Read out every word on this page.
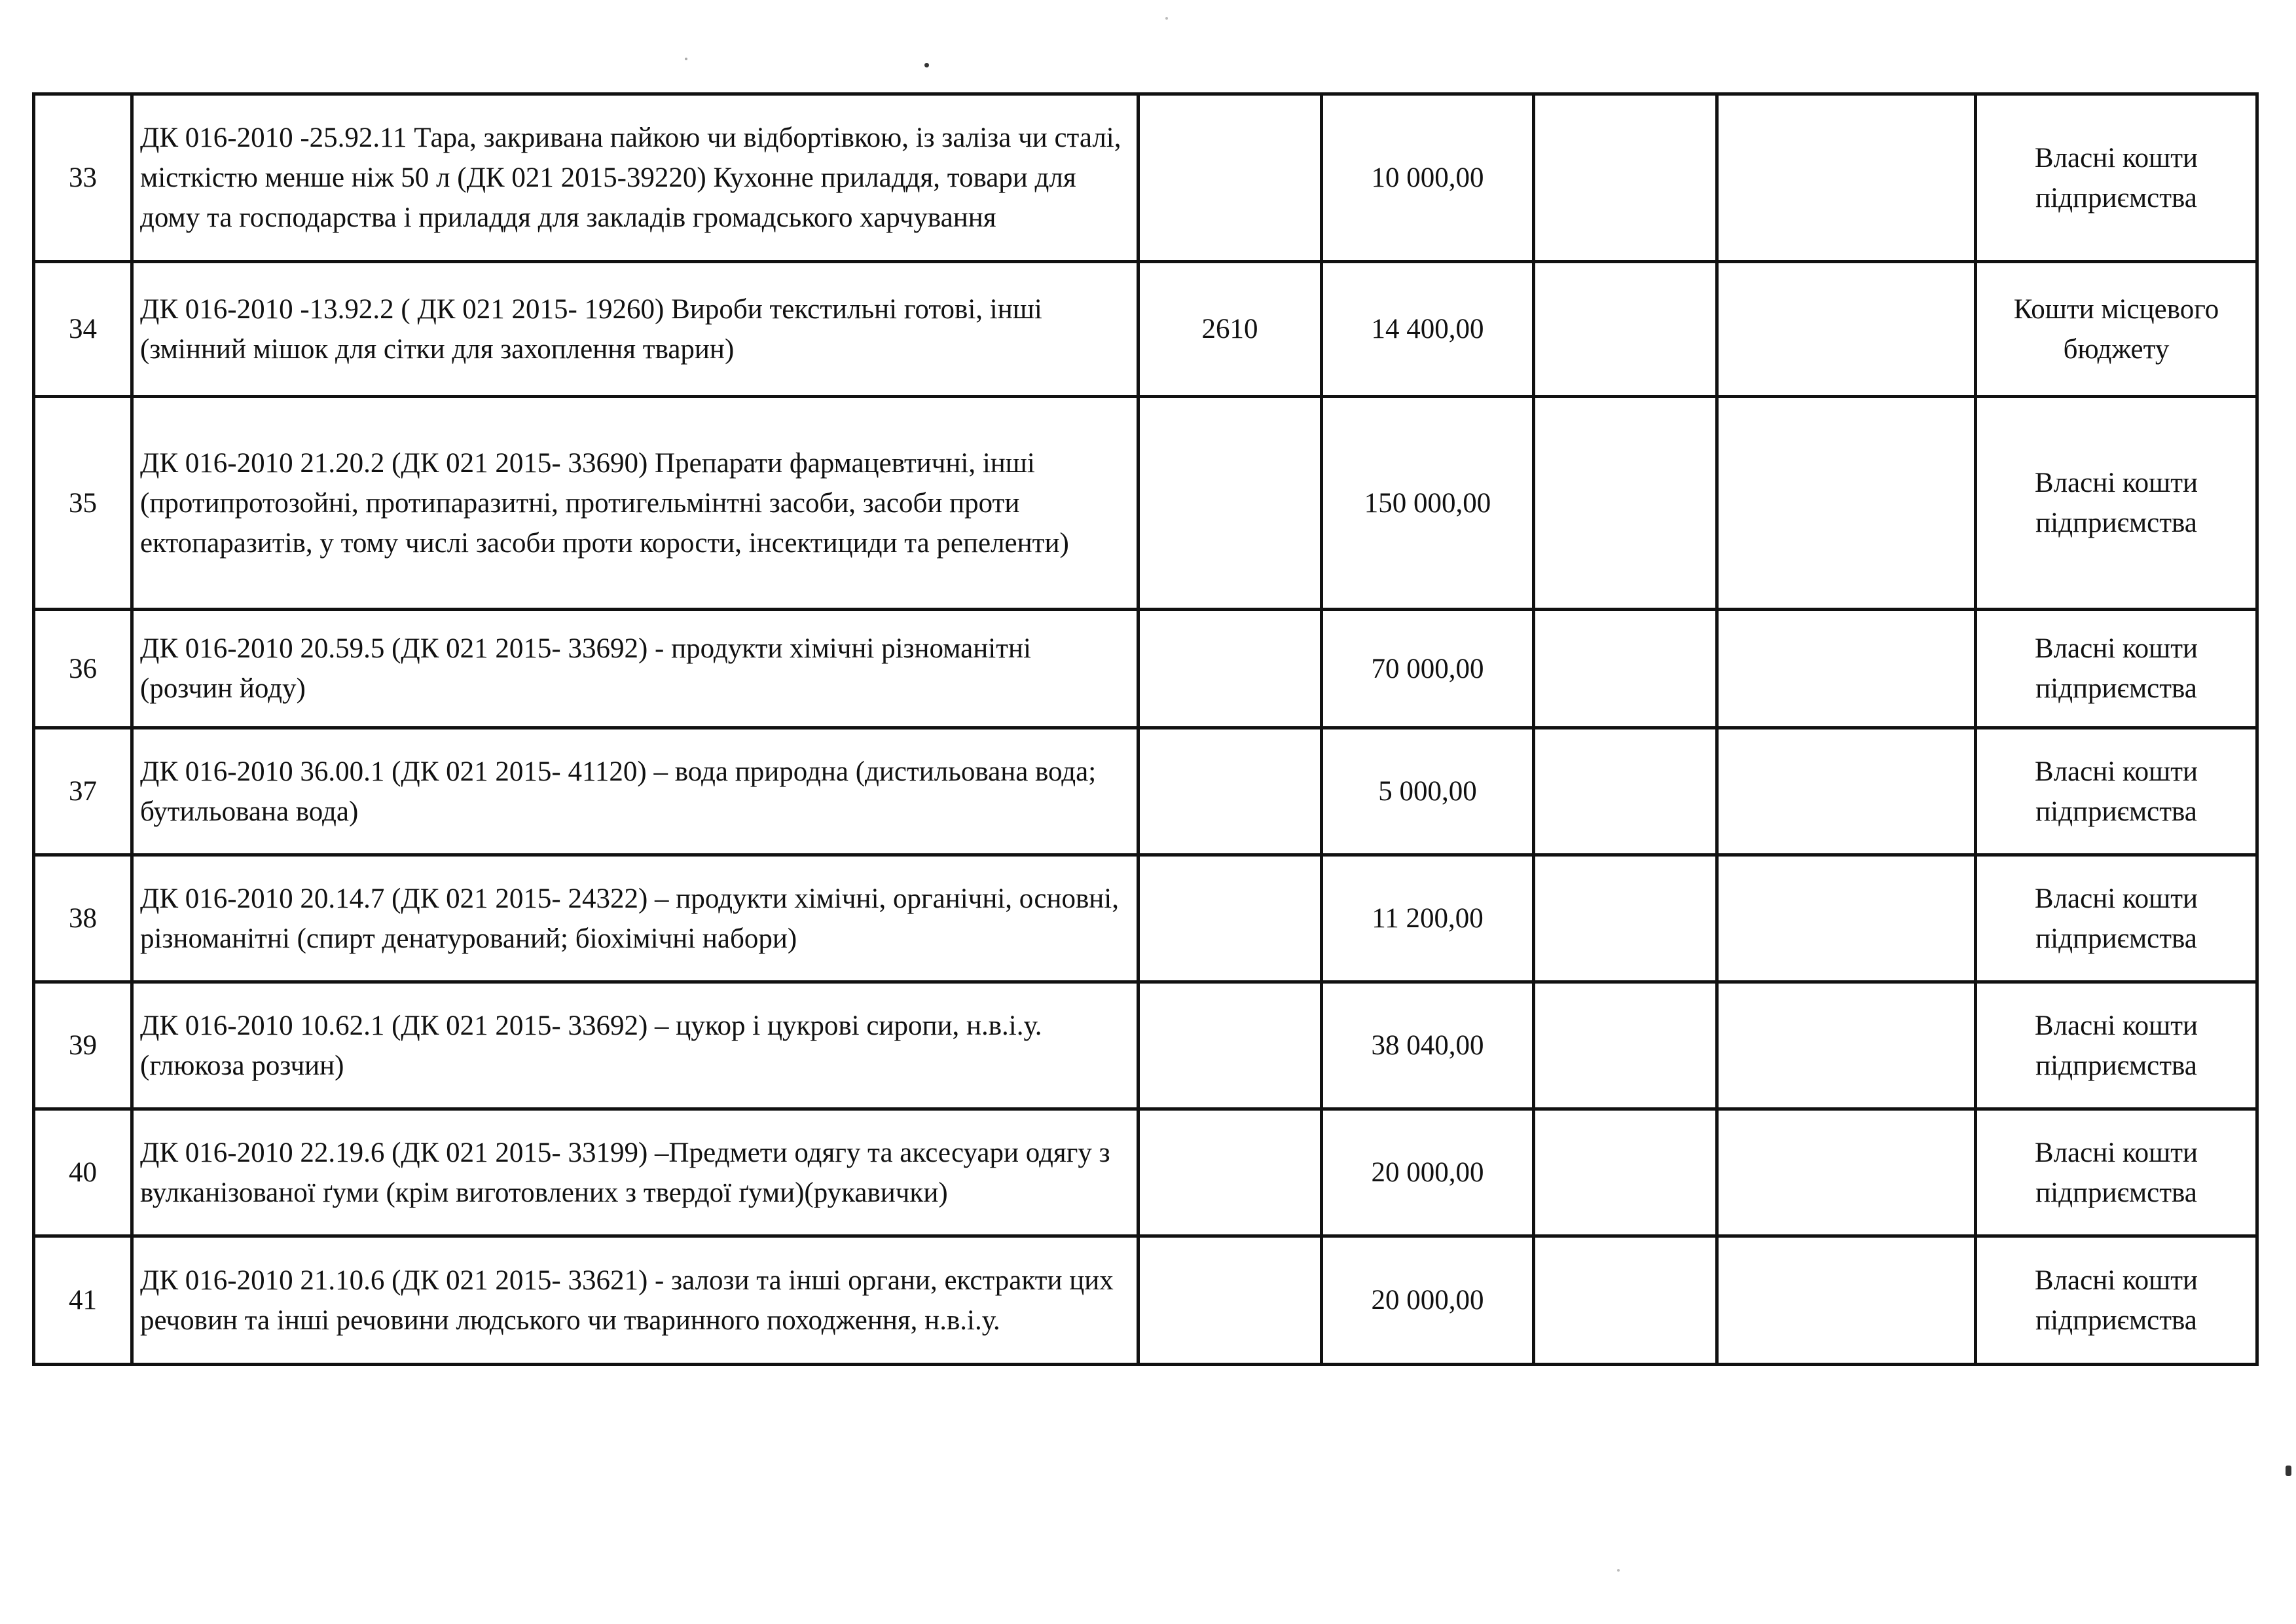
33	ДК 016-2010 -25.92.11 Тара, закривана пайкою чи відбортівкою, із заліза чи сталі, місткістю менше ніж 50 л (ДК 021 2015-39220) Кухонне приладдя, товари для дому та господарства і приладдя для закладів громадського харчування		10 000,00			Власні кошти підприємства
34	ДК 016-2010 -13.92.2 ( ДК 021 2015- 19260) Вироби текстильні готові, інші (змінний мішок для сітки для захоплення тварин)	2610	14 400,00			Кошти місцевого бюджету
35	ДК 016-2010 21.20.2 (ДК 021 2015- 33690) Препарати фармацевтичні, інші (протипротозойні, протипаразитні, протигельмінтні засоби, засоби проти ектопаразитів, у тому числі засоби проти корости, інсектициди та репеленти)		150 000,00			Власні кошти підприємства
36	ДК 016-2010 20.59.5 (ДК 021 2015- 33692) - продукти хімічні різноманітні (розчин йоду)		70 000,00			Власні кошти підприємства
37	ДК 016-2010 36.00.1 (ДК 021 2015- 41120) – вода природна (дистильована вода; бутильована вода)		5 000,00			Власні кошти підприємства
38	ДК 016-2010 20.14.7 (ДК 021 2015- 24322) – продукти хімічні, органічні, основні, різноманітні (спирт денатурований; біохімічні набори)		11 200,00			Власні кошти підприємства
39	ДК 016-2010 10.62.1 (ДК 021 2015- 33692) – цукор і цукрові сиропи, н.в.і.у. (глюкоза розчин)		38 040,00			Власні кошти підприємства
40	ДК 016-2010 22.19.6 (ДК 021 2015- 33199) –Предмети одягу та аксесуари одягу з вулканізованої ґуми (крім виготовлених з твердої ґуми)(рукавички)		20 000,00			Власні кошти підприємства
41	ДК 016-2010 21.10.6 (ДК 021 2015- 33621) - залози та інші органи, екстракти цих речовин та інші речовини людського чи тваринного походження, н.в.і.у.		20 000,00			Власні кошти підприємства
